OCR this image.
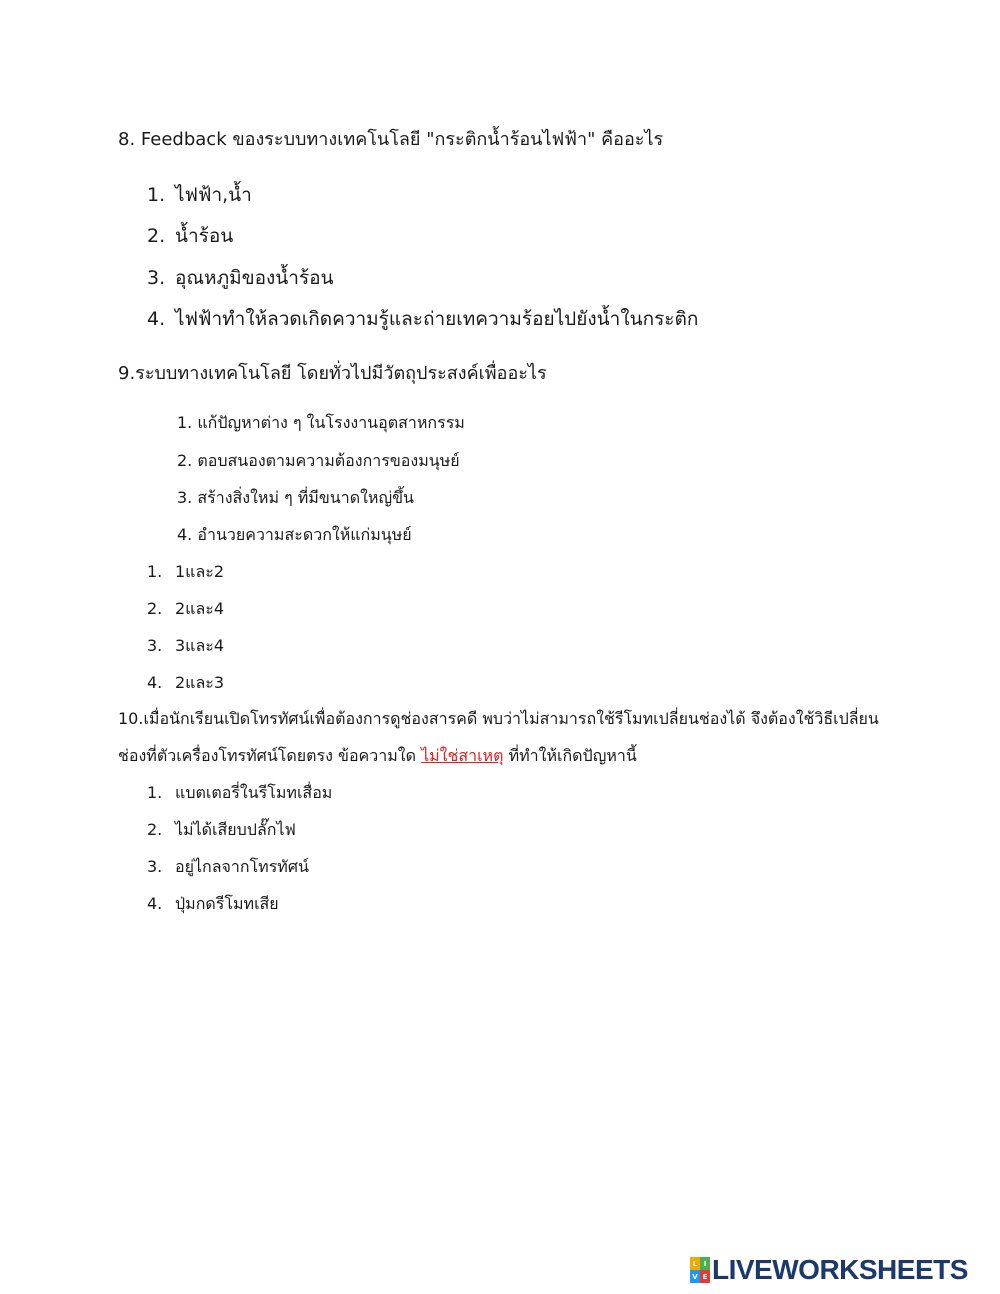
8. Feedback ของระบบทางเทคโนโลยี "กระติกน้ำร้อนไฟฟ้า" คืออะไร
1. ไฟฟ้า,น้ำ
2. น้ำร้อน
3. อุณหภูมิของน้ำร้อน
4. ไฟฟ้าทำให้ลวดเกิดความรู้และถ่ายเทความร้อยไปยังน้ำในกระติก
9.ระบบทางเทคโนโลยี โดยทั่วไปมีวัตถุประสงค์เพื่ออะไร
1. แก้ปัญหาต่าง ๆ ในโรงงานอุตสาหกรรม
2. ตอบสนองตามความต้องการของมนุษย์
3. สร้างสิ่งใหม่ ๆ ที่มีขนาดใหญ่ขึ้น
4. อำนวยความสะดวกให้แก่มนุษย์
1. 1และ2
2. 2และ4
3. 3และ4
4. 2และ3
10.เมื่อนักเรียนเปิดโทรทัศน์เพื่อต้องการดูช่องสารคดี พบว่าไม่สามารถใช้รีโมทเปลี่ยนช่องได้ จึงต้องใช้วิธีเปลี่ยน
ช่องที่ตัวเครื่องโทรทัศน์โดยตรง ข้อความใด ไม่ใช่สาเหตุ ที่ทำให้เกิดปัญหานี้
1. แบตเตอรี่ในรีโมทเสื่อม
2. ไม่ได้เสียบปลั๊กไฟ
3. อยู่ไกลจากโทรทัศน์
4. ปุ่มกดรีโมทเสีย
L I
V E LIVEWORKSHEETS
